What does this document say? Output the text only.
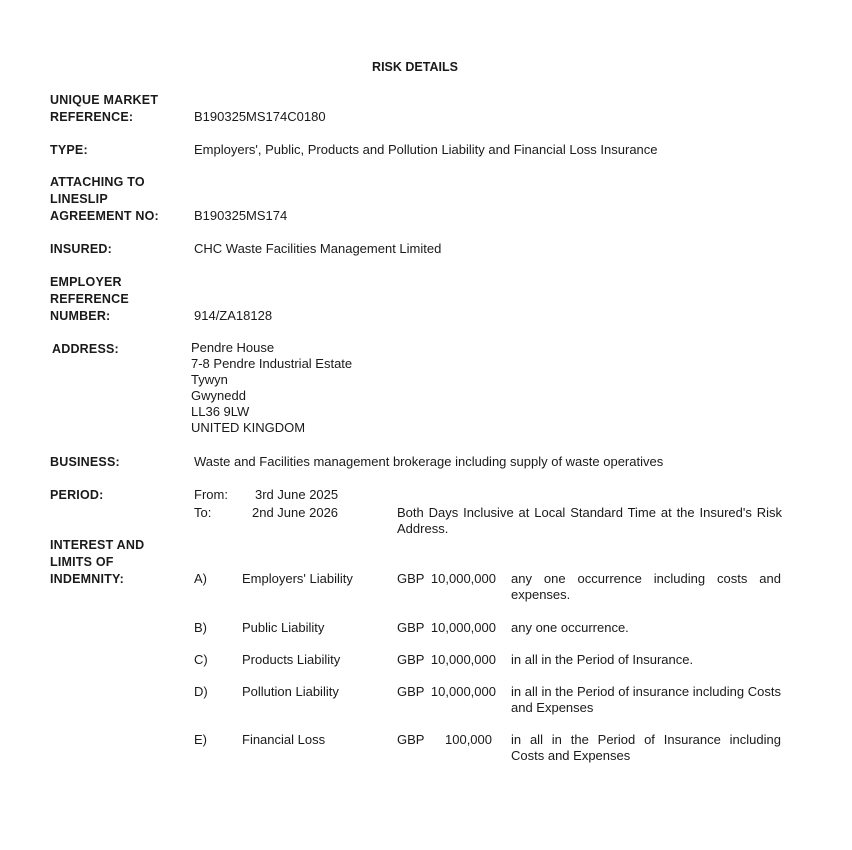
RISK DETAILS
UNIQUE MARKET
REFERENCE:	B190325MS174C0180
TYPE:	Employers', Public, Products and Pollution Liability and Financial Loss Insurance
ATTACHING TO
LINESLIP
AGREEMENT NO:	B190325MS174
INSURED:	CHC Waste Facilities Management Limited
EMPLOYER
REFERENCE
NUMBER:	914/ZA18128
ADDRESS:	Pendre House
7-8 Pendre Industrial Estate
Tywyn
Gwynedd
LL36 9LW
UNITED KINGDOM
BUSINESS:	Waste and Facilities management brokerage including supply of waste operatives
PERIOD:	From: 3rd June 2025
To:	2nd June 2026	Both Days Inclusive at Local Standard Time at the Insured's Risk Address.
INTEREST AND
LIMITS OF
INDEMNITY:	A)	Employers' Liability	GBP 10,000,000 any one occurrence including costs and expenses.
B)	Public Liability	GBP 10,000,000 any one occurrence.
C)	Products Liability	GBP 10,000,000 in all in the Period of Insurance.
D)	Pollution Liability	GBP 10,000,000 in all in the Period of insurance including Costs and Expenses
E)	Financial Loss	GBP	100,000 in all in the Period of Insurance including Costs and Expenses
